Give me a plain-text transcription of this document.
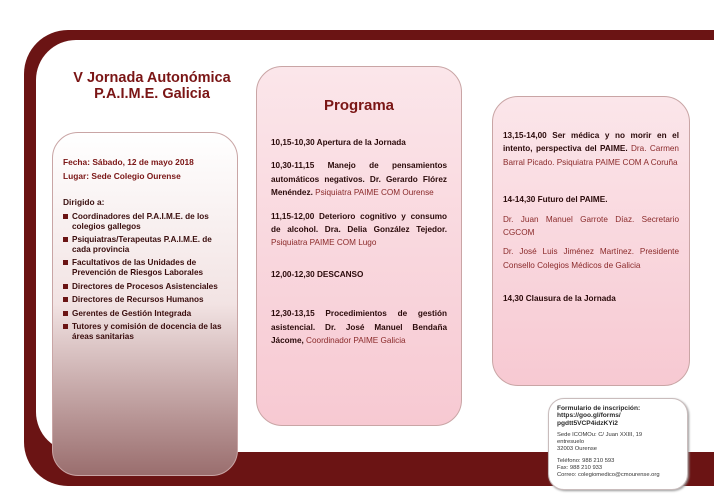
V Jornada Autonómica
P.A.I.M.E. Galicia

Fecha: Sábado, 12 de mayo 2018

Lugar: Sede Colegio Ourense

Dirigido a:

Coordinadores del P.A.I.M.E. de los colegios gallegos
Psiquiatras/Terapeutas P.A.I.M.E. de cada provincia
Facultativos de las Unidades de Prevención de Riesgos Laborales
Directores de Procesos Asistenciales
Directores de Recursos Humanos
Gerentes de Gestión Integrada
Tutores y comisión de docencia de las áreas sanitarias

Programa

10,15-10,30 Apertura de la Jornada

10,30-11,15 Manejo de pensamientos automáticos negativos. Dr. Gerardo Flórez Menéndez. Psiquiatra PAIME COM Ourense

11,15-12,00 Deterioro cognitivo y consumo de alcohol. Dra. Delia González Tejedor. Psiquiatra PAIME COM Lugo

12,00-12,30 DESCANSO

12,30-13,15 Procedimientos de gestión asistencial. Dr. José Manuel Bendaña Jácome, Coordinador PAIME Galicia

13,15-14,00 Ser médica y no morir en el intento, perspectiva del PAIME. Dra. Carmen Barral Picado. Psiquiatra PAIME COM A Coruña

14-14,30 Futuro del PAIME.

Dr. Juan Manuel Garrote Díaz. Secretario CGCOM

Dr. José Luis Jiménez Martínez. Presidente Consello Colegios Médicos de Galicia

14,30 Clausura de la Jornada

Formulario de inscripción:

https://goo.gl/forms/

pgdtt5VCP4idzKYi2

Sede ICOMOu: C/ Juan XXIII, 19

entresuelo

32003 Ourense

Teléfono: 988 210 593

Fax: 988 210 933

Correo: colegiomedico@cmourense.org
